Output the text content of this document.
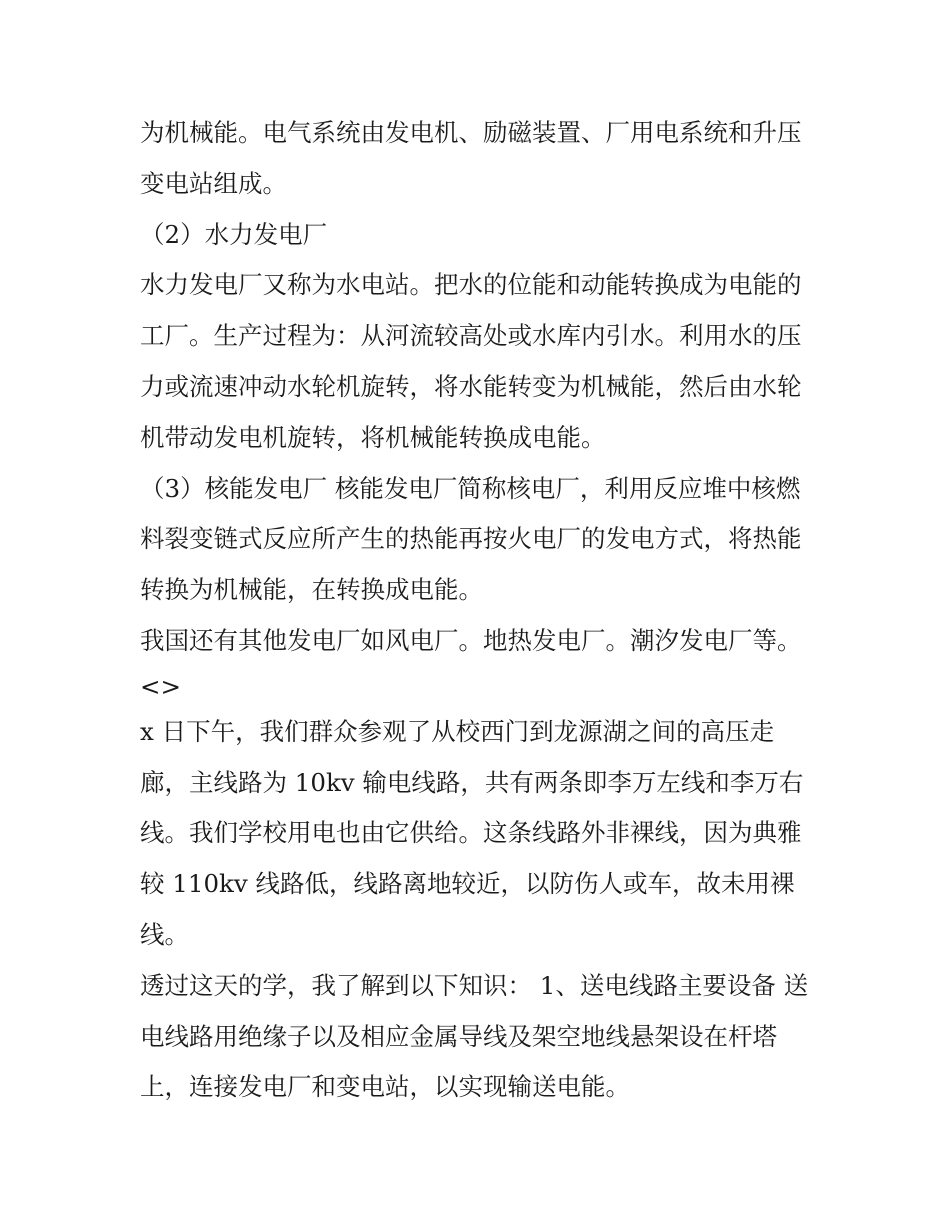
为机械能。电气系统由发电机、励磁装置、厂用电系统和升压
变电站组成。
（2）水力发电厂
水力发电厂又称为水电站。把水的位能和动能转换成为电能的
工厂。生产过程为：从河流较高处或水库内引水。利用水的压
力或流速冲动水轮机旋转，将水能转变为机械能，然后由水轮
机带动发电机旋转，将机械能转换成电能。
（3）核能发电厂 核能发电厂简称核电厂，利用反应堆中核燃
料裂变链式反应所产生的热能再按火电厂的发电方式，将热能
转换为机械能，在转换成电能。
我国还有其他发电厂如风电厂。地热发电厂。潮汐发电厂等。
<>
x 日下午，我们群众参观了从校西门到龙源湖之间的高压走
廊，主线路为 10kv 输电线路，共有两条即李万左线和李万右
线。我们学校用电也由它供给。这条线路外非裸线，因为典雅
较 110kv 线路低，线路离地较近，以防伤人或车，故未用裸
线。
透过这天的学，我了解到以下知识： 1、送电线路主要设备 送
电线路用绝缘子以及相应金属导线及架空地线悬架设在杆塔
上，连接发电厂和变电站，以实现输送电能。
